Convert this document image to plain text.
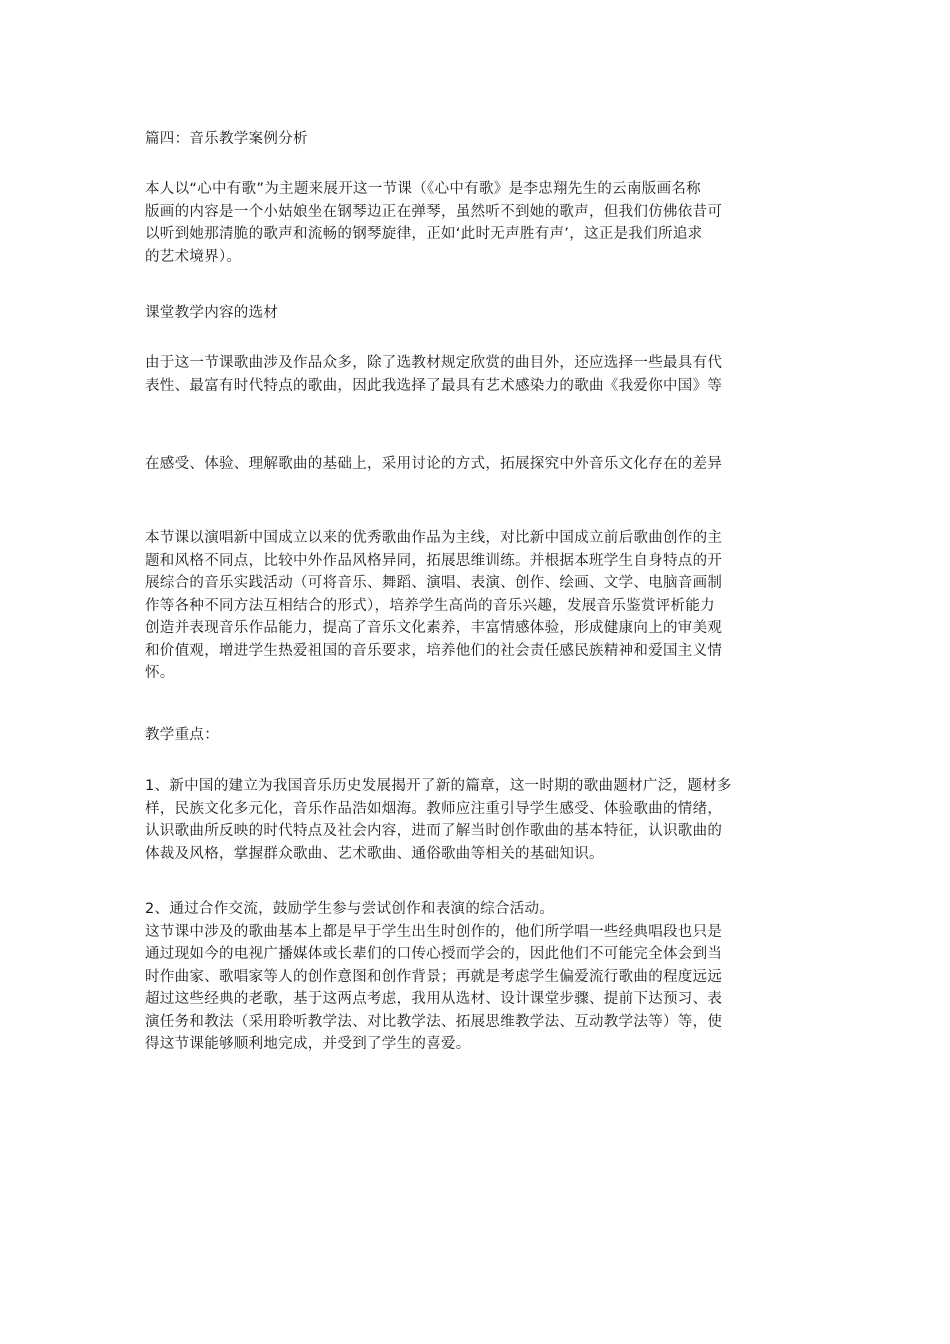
篇四：音乐教学案例分析

本人以“心中有歌”为主题来展开这一节课（《心中有歌》是李忠翔先生的云南版画名称
版画的内容是一个小姑娘坐在钢琴边正在弹琴，虽然听不到她的歌声，但我们仿佛依昔可
以听到她那清脆的歌声和流畅的钢琴旋律，正如‘此时无声胜有声’，这正是我们所追求
的艺术境界）。

课堂教学内容的选材

由于这一节课歌曲涉及作品众多，除了选教材规定欣赏的曲目外，还应选择一些最具有代
表性、最富有时代特点的歌曲，因此我选择了最具有艺术感染力的歌曲《我爱你中国》等

在感受、体验、理解歌曲的基础上，采用讨论的方式，拓展探究中外音乐文化存在的差异

本节课以演唱新中国成立以来的优秀歌曲作品为主线，对比新中国成立前后歌曲创作的主
题和风格不同点，比较中外作品风格异同，拓展思维训练。并根据本班学生自身特点的开
展综合的音乐实践活动（可将音乐、舞蹈、演唱、表演、创作、绘画、文学、电脑音画制
作等各种不同方法互相结合的形式），培养学生高尚的音乐兴趣，发展音乐鉴赏评析能力
创造并表现音乐作品能力，提高了音乐文化素养，丰富情感体验，形成健康向上的审美观
和价值观，增进学生热爱祖国的音乐要求，培养他们的社会责任感民族精神和爱国主义情
怀。

教学重点：

1、新中国的建立为我国音乐历史发展揭开了新的篇章，这一时期的歌曲题材广泛，题材多
样，民族文化多元化，音乐作品浩如烟海。教师应注重引导学生感受、体验歌曲的情绪，
认识歌曲所反映的时代特点及社会内容，进而了解当时创作歌曲的基本特征，认识歌曲的
体裁及风格，掌握群众歌曲、艺术歌曲、通俗歌曲等相关的基础知识。

2、通过合作交流，鼓励学生参与尝试创作和表演的综合活动。
这节课中涉及的歌曲基本上都是早于学生出生时创作的，他们所学唱一些经典唱段也只是
通过现如今的电视广播媒体或长辈们的口传心授而学会的，因此他们不可能完全体会到当
时作曲家、歌唱家等人的创作意图和创作背景；再就是考虑学生偏爱流行歌曲的程度远远
超过这些经典的老歌，基于这两点考虑，我用从选材、设计课堂步骤、提前下达预习、表
演任务和教法（采用聆听教学法、对比教学法、拓展思维教学法、互动教学法等）等，使
得这节课能够顺利地完成，并受到了学生的喜爱。
